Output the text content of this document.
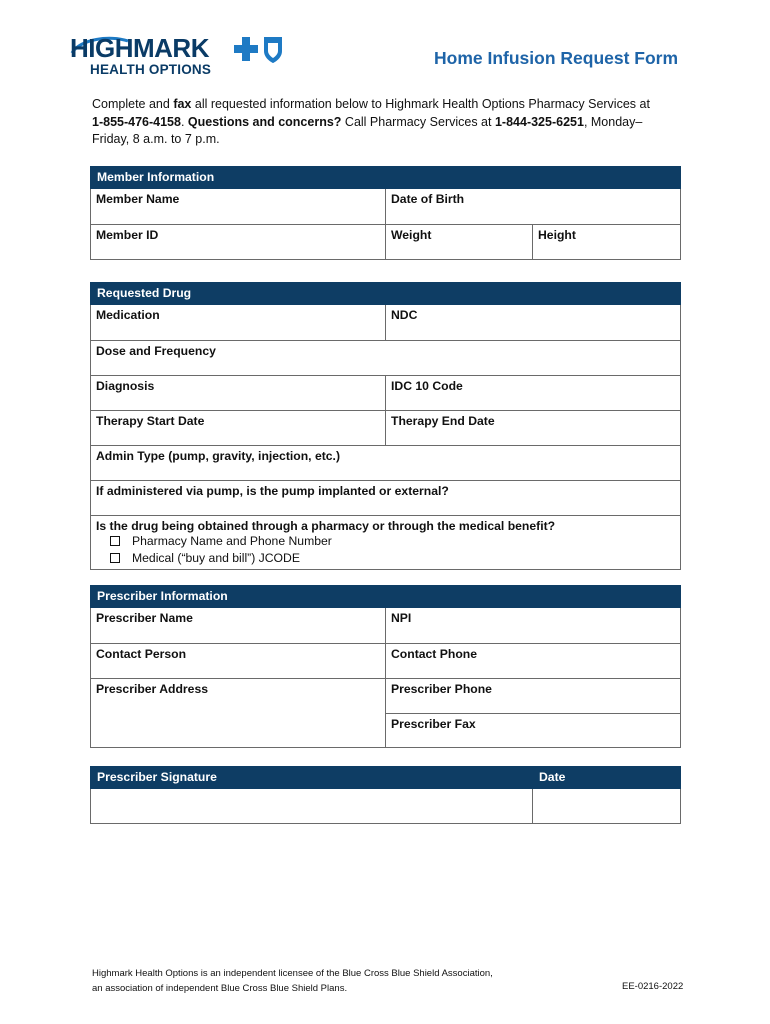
HIGHMARK
HEALTH OPTIONS
Home Infusion Request Form
Complete and fax all requested information below to Highmark Health Options Pharmacy Services at
1-855-476-4158. Questions and concerns? Call Pharmacy Services at 1-844-325-6251, Monday–
Friday, 8 a.m. to 7 p.m.
Member Information		
Member Name	Date of Birth	
Member ID	Weight	Height
Requested Drug	
Medication	NDC
Dose and Frequency	
Diagnosis	IDC 10 Code
Therapy Start Date	Therapy End Date
Admin Type (pump, gravity, injection, etc.)	
If administered via pump, is the pump implanted or external?	

Is the drug being obtained through a pharmacy or through the medical benefit?
Pharmacy Name and Phone Number
Medical (“buy and bill”) JCODE	
Prescriber Information	
Prescriber Name	NPI
Contact Person	Contact Phone
Prescriber Address	Prescriber Phone
	Prescriber Fax
Prescriber Signature	Date

Highmark Health Options is an independent licensee of the Blue Cross Blue Shield Association,
an association of independent Blue Cross Blue Shield Plans.	EE-0216-2022
